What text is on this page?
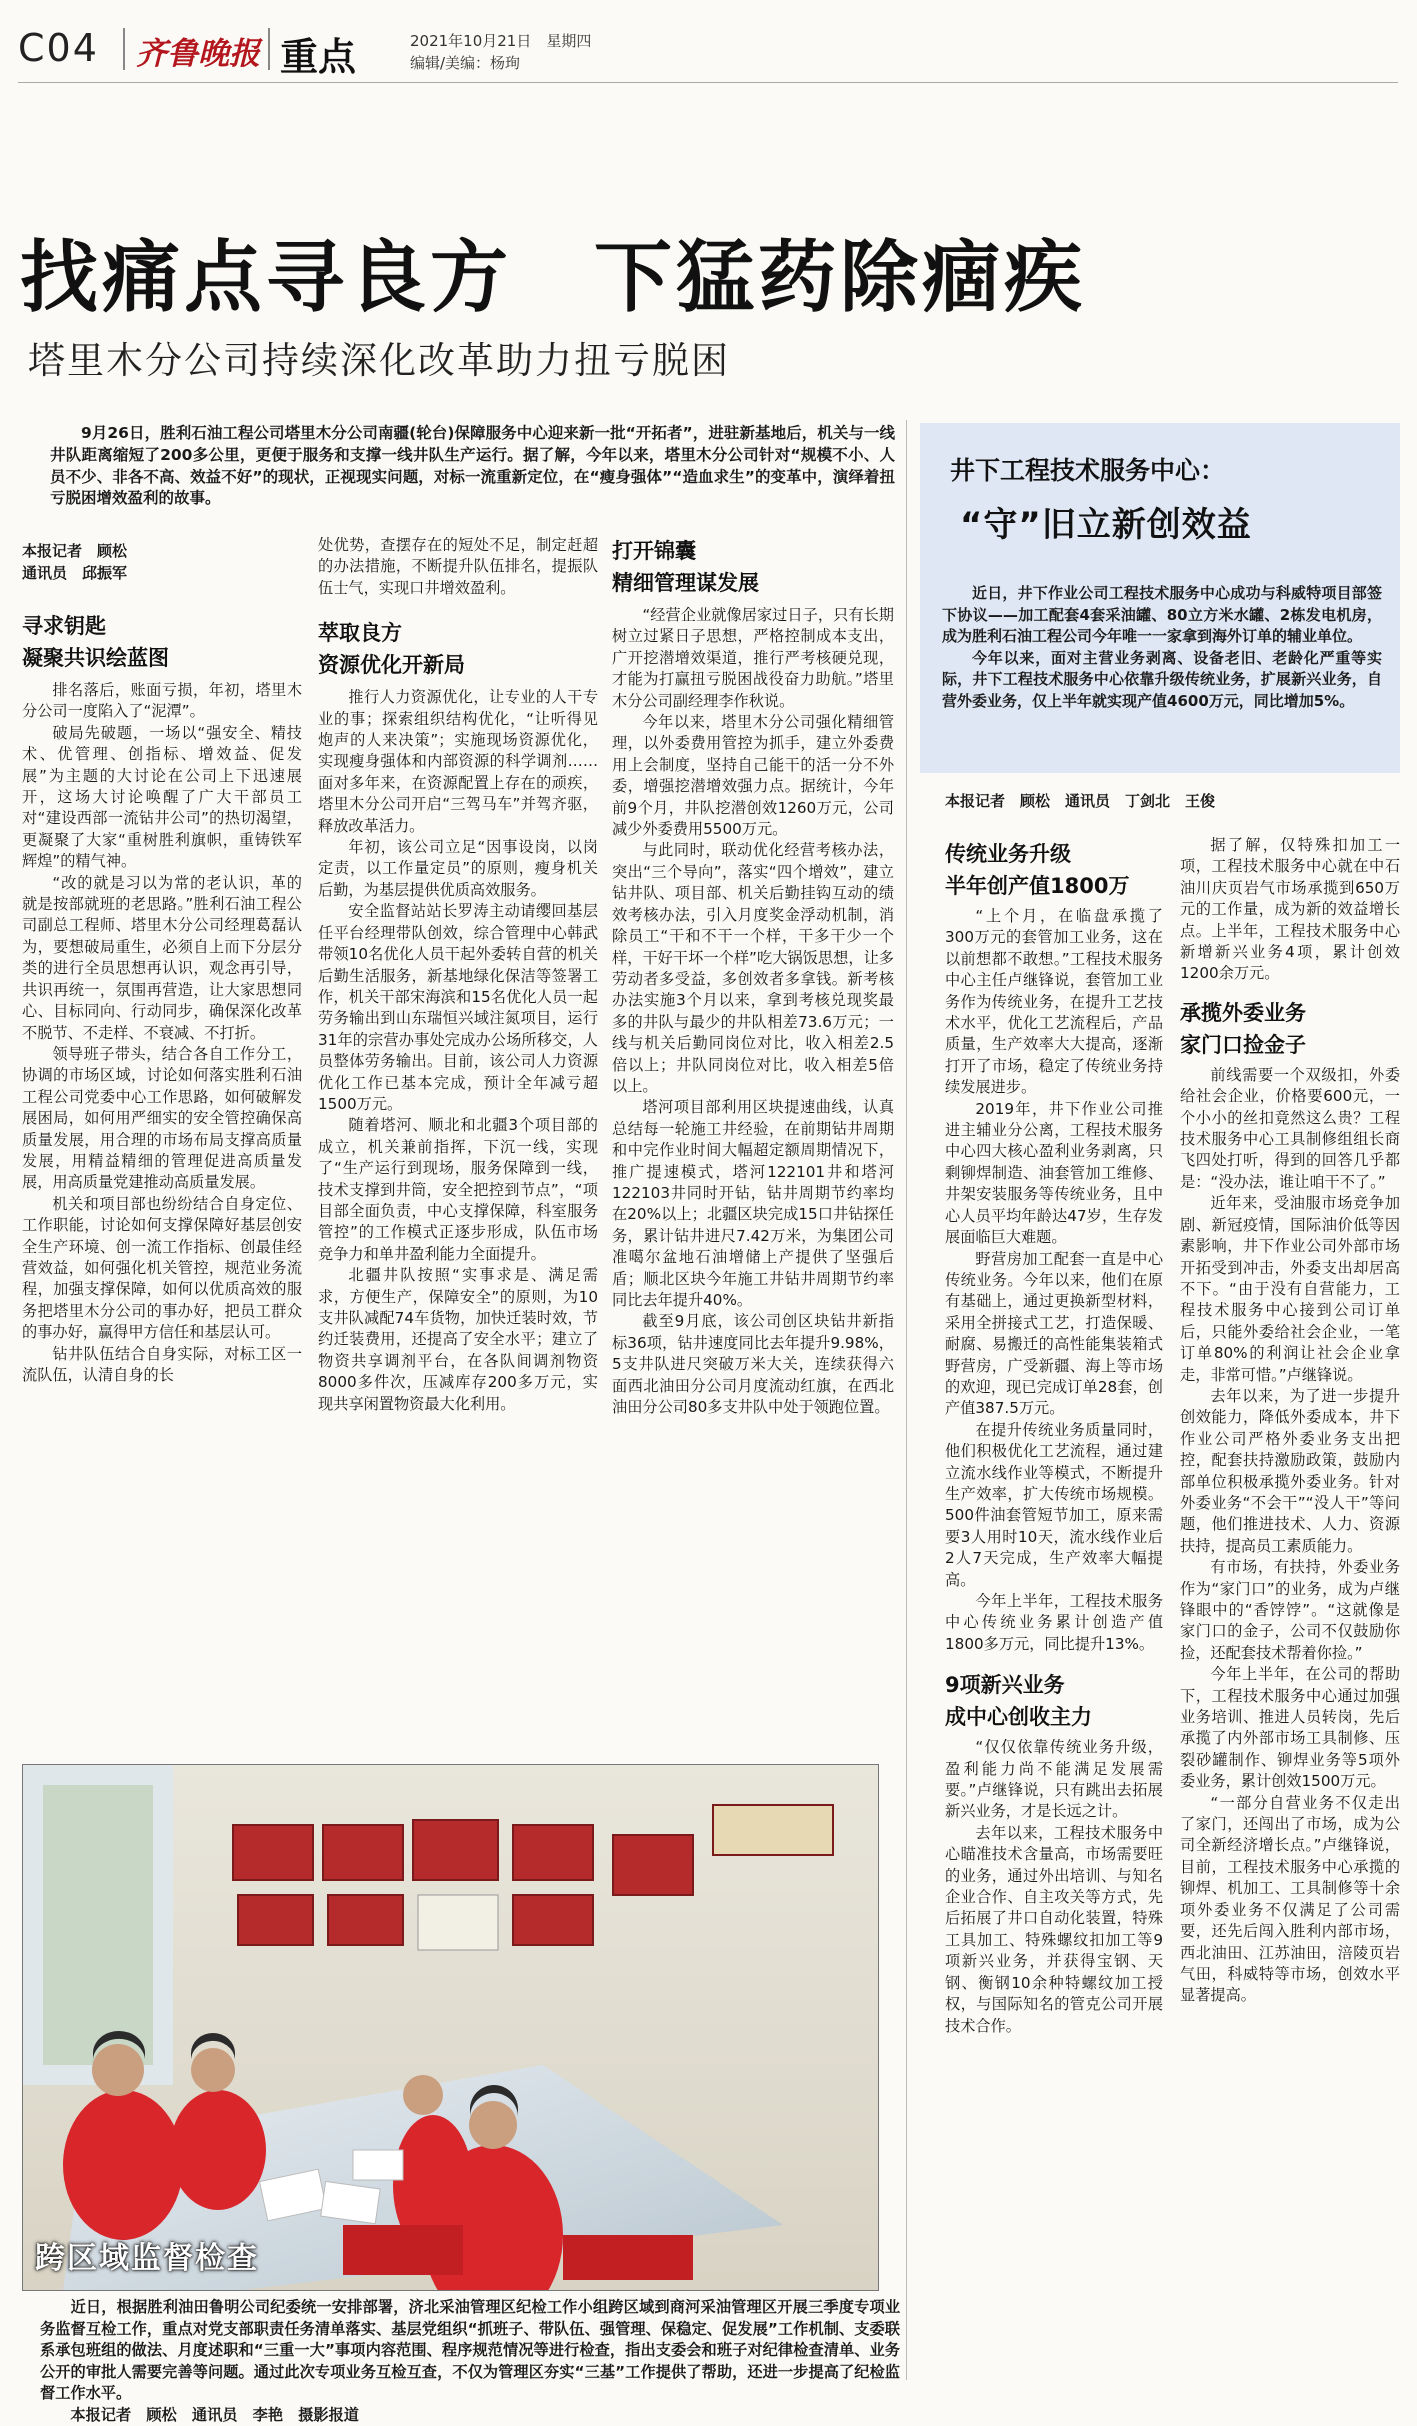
C04 齐鲁晚报 重点	2021年10月21日　星期四
编辑/美编：杨珣
找痛点寻良方　下猛药除痼疾
塔里木分公司持续深化改革助力扭亏脱困
9月26日，胜利石油工程公司塔里木分公司南疆(轮台)保障服务中心迎来新一批“开拓者”，进驻新基地后，机关与一线井队距离缩短了200多公里，更便于服务和支撑一线井队生产运行。据了解，今年以来，塔里木分公司针对“规模不小、人员不少、非各不高、效益不好”的现状，正视现实问题，对标一流重新定位，在“瘦身强体”“造血求生”的变革中，演绎着扭亏脱困增效盈利的故事。
本报记者　顾松
通讯员　邱振军
寻求钥匙
凝聚共识绘蓝图

排名落后，账面亏损，年初，塔里木分公司一度陷入了“泥潭”。

破局先破题，一场以“强安全、精技术、优管理、创指标、增效益、促发展”为主题的大讨论在公司上下迅速展开，这场大讨论唤醒了广大干部员工对“建设西部一流钻井公司”的热切渴望，更凝聚了大家“重树胜利旗帜，重铸铁军辉煌”的精气神。

“改的就是习以为常的老认识，革的就是按部就班的老思路。”胜利石油工程公司副总工程师、塔里木分公司经理葛磊认为，要想破局重生，必须自上而下分层分类的进行全员思想再认识，观念再引导，共识再统一，氛围再营造，让大家思想同心、目标同向、行动同步，确保深化改革不脱节、不走样、不衰减、不打折。

领导班子带头，结合各自工作分工，协调的市场区域，讨论如何落实胜利石油工程公司党委中心工作思路，如何破解发展困局，如何用严细实的安全管控确保高质量发展，用合理的市场布局支撑高质量发展，用精益精细的管理促进高质量发展，用高质量党建推动高质量发展。

机关和项目部也纷纷结合自身定位、工作职能，讨论如何支撑保障好基层创安全生产环境、创一流工作指标、创最佳经营效益，如何强化机关管控，规范业务流程，加强支撑保障，如何以优质高效的服务把塔里木分公司的事办好，把员工群众的事办好，赢得甲方信任和基层认可。

钻井队伍结合自身实际，对标工区一流队伍，认清自身的长

处优势，查摆存在的短处不足，制定赶超的办法措施，不断提升队伍排名，提振队伍士气，实现口井增效盈利。

萃取良方
资源优化开新局

推行人力资源优化，让专业的人干专业的事；探索组织结构优化，“让听得见炮声的人来决策”；实施现场资源优化，实现瘦身强体和内部资源的科学调剂……面对多年来，在资源配置上存在的顽疾，塔里木分公司开启“三驾马车”并驾齐驱，释放改革活力。

年初，该公司立足“因事设岗，以岗定责，以工作量定员”的原则，瘦身机关后勤，为基层提供优质高效服务。

安全监督站站长罗涛主动请缨回基层任平台经理带队创效，综合管理中心韩武带领10名优化人员干起外委转自营的机关后勤生活服务，新基地绿化保洁等签署工作，机关干部宋海滨和15名优化人员一起劳务输出到山东瑞恒兴域注氮项目，运行31年的宗营办事处完成办公场所移交，人员整体劳务输出。目前，该公司人力资源优化工作已基本完成，预计全年减亏超1500万元。

随着塔河、顺北和北疆3个项目部的成立，机关兼前指挥，下沉一线，实现了“生产运行到现场，服务保障到一线，技术支撑到井筒，安全把控到节点”，“项目部全面负责，中心支撑保障，科室服务管控”的工作模式正逐步形成，队伍市场竞争力和单井盈利能力全面提升。

北疆井队按照“实事求是、满足需求，方便生产，保障安全”的原则，为10支井队减配74车货物，加快迁装时效，节约迁装费用，还提高了安全水平；建立了物资共享调剂平台，在各队间调剂物资8000多件次，压减库存200多万元，实现共享闲置物资最大化利用。

打开锦囊
精细管理谋发展

“经营企业就像居家过日子，只有长期树立过紧日子思想，严格控制成本支出，广开挖潜增效渠道，推行严考核硬兑现，才能为打赢扭亏脱困战役奋力助航。”塔里木分公司副经理李作秋说。

今年以来，塔里木分公司强化精细管理，以外委费用管控为抓手，建立外委费用上会制度，坚持自己能干的活一分不外委，增强挖潜增效强力点。据统计，今年前9个月，井队挖潜创效1260万元，公司减少外委费用5500万元。

与此同时，联动优化经营考核办法，突出“三个导向”，落实“四个增效”，建立钻井队、项目部、机关后勤挂钩互动的绩效考核办法，引入月度奖金浮动机制，消除员工“干和不干一个样，干多干少一个样，干好干坏一个样”吃大锅饭思想，让多劳动者多受益，多创效者多拿钱。新考核办法实施3个月以来，拿到考核兑现奖最多的井队与最少的井队相差73.6万元；一线与机关后勤同岗位对比，收入相差2.5倍以上；井队同岗位对比，收入相差5倍以上。

塔河项目部利用区块提速曲线，认真总结每一轮施工井经验，在前期钻井周期和中完作业时间大幅超定额周期情况下，推广提速模式，塔河122101井和塔河122103井同时开钻，钻井周期节约率均在20%以上；北疆区块完成15口井钻探任务，累计钻井进尺7.42万米，为集团公司准噶尔盆地石油增储上产提供了坚强后盾；顺北区块今年施工井钻井周期节约率同比去年提升40%。

截至9月底，该公司创区块钻井新指标36项，钻井速度同比去年提升9.98%，5支井队进尺突破万米大关，连续获得六面西北油田分公司月度流动红旗，在西北油田分公司80多支井队中处于领跑位置。

跨区域监督检查
近日，根据胜利油田鲁明公司纪委统一安排部署，济北采油管理区纪检工作小组跨区域到商河采油管理区开展三季度专项业务监督互检工作，重点对党支部职责任务清单落实、基层党组织“抓班子、带队伍、强管理、保稳定、促发展”工作机制、支委联系承包班组的做法、月度述职和“三重一大”事项内容范围、程序规范情况等进行检查，指出支委会和班子对纪律检查清单、业务公开的审批人需要完善等问题。通过此次专项业务互检互查，不仅为管理区夯实“三基”工作提供了帮助，还进一步提高了纪检监督工作水平。
本报记者　顾松　通讯员　李艳　摄影报道
井下工程技术服务中心：
“守”旧立新创效益

近日，井下作业公司工程技术服务中心成功与科威特项目部签下协议——加工配套4套采油罐、80立方米水罐、2栋发电机房，成为胜利石油工程公司今年唯一一家拿到海外订单的辅业单位。

今年以来，面对主营业务剥离、设备老旧、老龄化严重等实际，井下工程技术服务中心依靠升级传统业务，扩展新兴业务，自营外委业务，仅上半年就实现产值4600万元，同比增加5%。

本报记者　顾松　通讯员　丁剑北　王俊
传统业务升级
半年创产值1800万

“上个月，在临盘承揽了300万元的套管加工业务，这在以前想都不敢想。”工程技术服务中心主任卢继锋说，套管加工业务作为传统业务，在提升工艺技术水平，优化工艺流程后，产品质量，生产效率大大提高，逐渐打开了市场，稳定了传统业务持续发展进步。

2019年，井下作业公司推进主辅业分公离，工程技术服务中心四大核心盈利业务剥离，只剩铆焊制造、油套管加工维修、井架安装服务等传统业务，且中心人员平均年龄达47岁，生存发展面临巨大难题。

野营房加工配套一直是中心传统业务。今年以来，他们在原有基础上，通过更换新型材料，采用全拼接式工艺，打造保暖、耐腐、易搬迁的高性能集装箱式野营房，广受新疆、海上等市场的欢迎，现已完成订单28套，创产值387.5万元。

在提升传统业务质量同时，他们积极优化工艺流程，通过建立流水线作业等模式，不断提升生产效率，扩大传统市场规模。500件油套管短节加工，原来需要3人用时10天，流水线作业后2人7天完成，生产效率大幅提高。

今年上半年，工程技术服务中心传统业务累计创造产值1800多万元，同比提升13%。

9项新兴业务
成中心创收主力

“仅仅依靠传统业务升级，盈利能力尚不能满足发展需要。”卢继锋说，只有跳出去拓展新兴业务，才是长远之计。

去年以来，工程技术服务中心瞄准技术含量高，市场需要旺的业务，通过外出培训、与知名企业合作、自主攻关等方式，先后拓展了井口自动化装置，特殊工具加工、特殊螺纹扣加工等9项新兴业务，并获得宝钢、天钢、衡钢10余种特螺纹加工授权，与国际知名的管克公司开展技术合作。

据了解，仅特殊扣加工一项，工程技术服务中心就在中石油川庆页岩气市场承揽到650万元的工作量，成为新的效益增长点。上半年，工程技术服务中心新增新兴业务4项，累计创效1200余万元。

承揽外委业务
家门口捡金子

前线需要一个双级扣，外委给社会企业，价格要600元，一个小小的丝扣竟然这么贵？工程技术服务中心工具制修组组长商飞四处打听，得到的回答几乎都是：“没办法，谁让咱干不了。”

近年来，受油服市场竞争加剧、新冠疫情，国际油价低等因素影响，井下作业公司外部市场开拓受到冲击，外委支出却居高不下。“由于没有自营能力，工程技术服务中心接到公司订单后，只能外委给社会企业，一笔订单80%的利润让社会企业拿走，非常可惜。”卢继锋说。

去年以来，为了进一步提升创效能力，降低外委成本，井下作业公司严格外委业务支出把控，配套扶持激励政策，鼓励内部单位积极承揽外委业务。针对外委业务“不会干”“没人干”等问题，他们推进技术、人力、资源扶持，提高员工素质能力。

有市场，有扶持，外委业务作为“家门口”的业务，成为卢继锋眼中的“香饽饽”。“这就像是家门口的金子，公司不仅鼓励你捡，还配套技术帮着你捡。”

今年上半年，在公司的帮助下，工程技术服务中心通过加强业务培训、推进人员转岗，先后承揽了内外部市场工具制修、压裂砂罐制作、铆焊业务等5项外委业务，累计创效1500万元。

“一部分自营业务不仅走出了家门，还闯出了市场，成为公司全新经济增长点。”卢继锋说，目前，工程技术服务中心承揽的铆焊、机加工、工具制修等十余项外委业务不仅满足了公司需要，还先后闯入胜利内部市场，西北油田、江苏油田，涪陵页岩气田，科威特等市场，创效水平显著提高。
